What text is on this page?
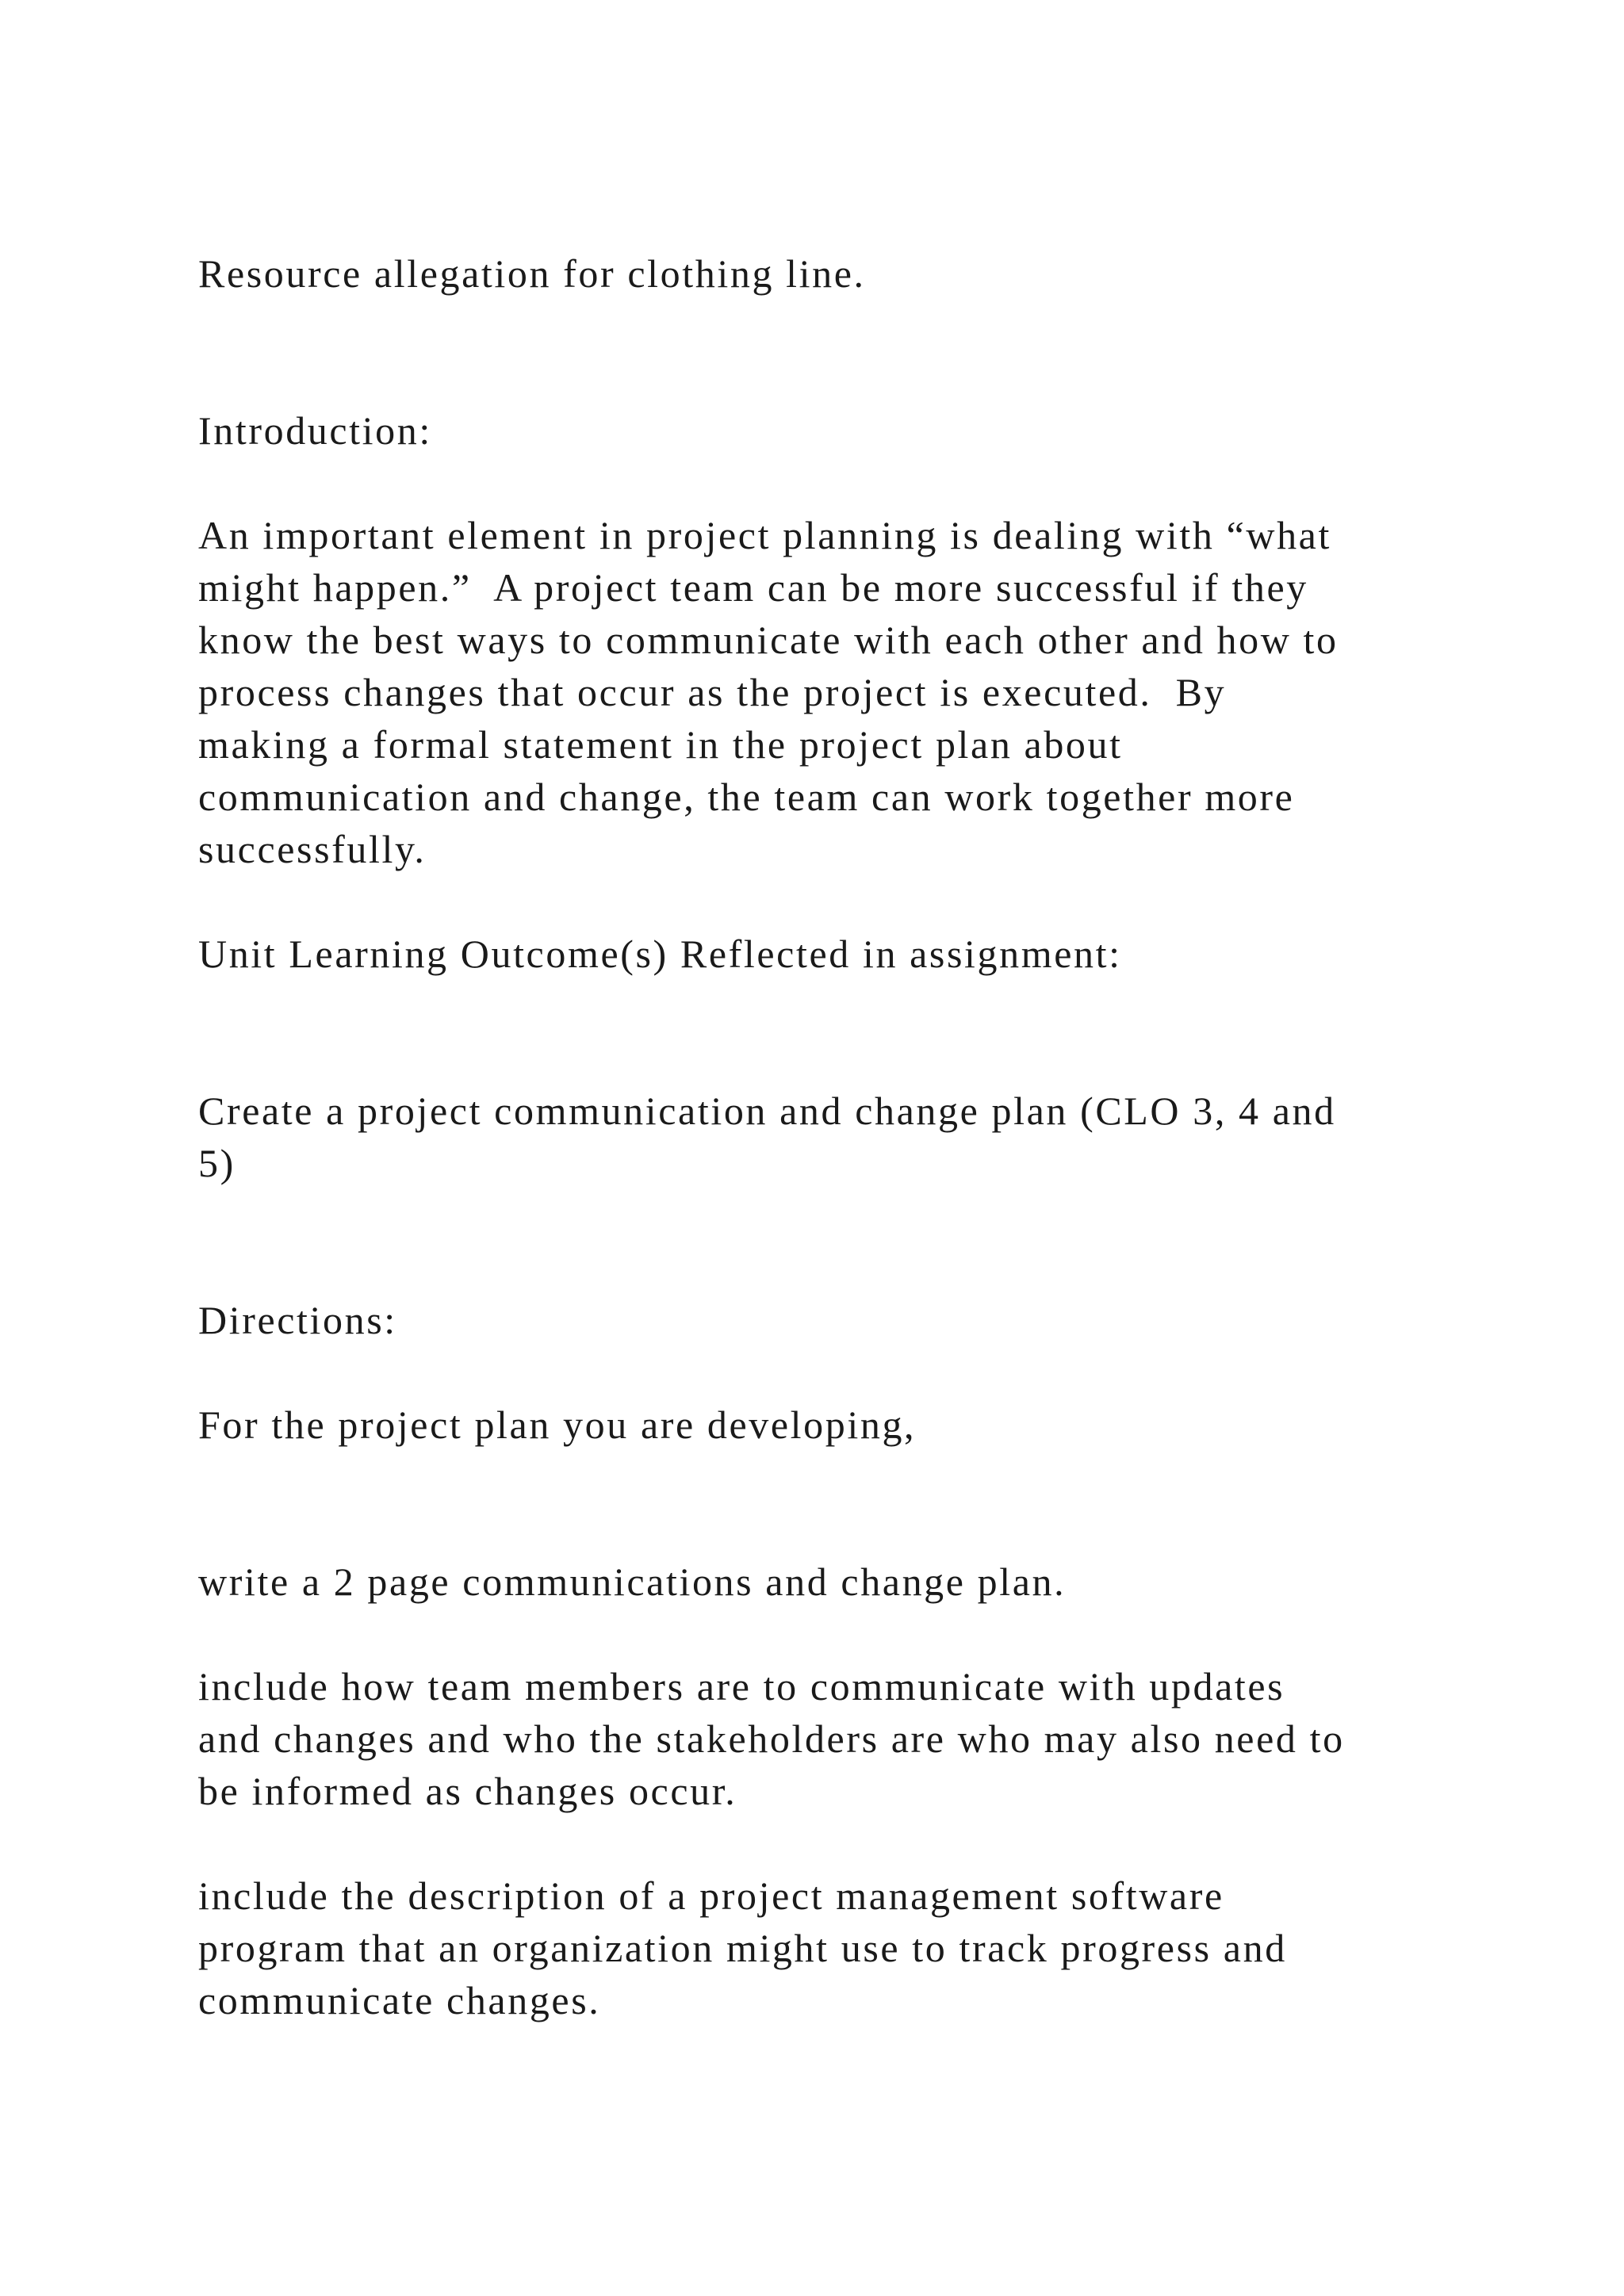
Resource allegation for clothing line.

Introduction:

An important element in project planning is dealing with “what

might happen.”  A project team can be more successful if they

know the best ways to communicate with each other and how to

process changes that occur as the project is executed.  By

making a formal statement in the project plan about

communication and change, the team can work together more

successfully.

Unit Learning Outcome(s) Reflected in assignment:

Create a project communication and change plan (CLO 3, 4 and

5)

Directions:

For the project plan you are developing,

write a 2 page communications and change plan.

include how team members are to communicate with updates

and changes and who the stakeholders are who may also need to

be informed as changes occur.

include the description of a project management software

program that an organization might use to track progress and

communicate changes.
